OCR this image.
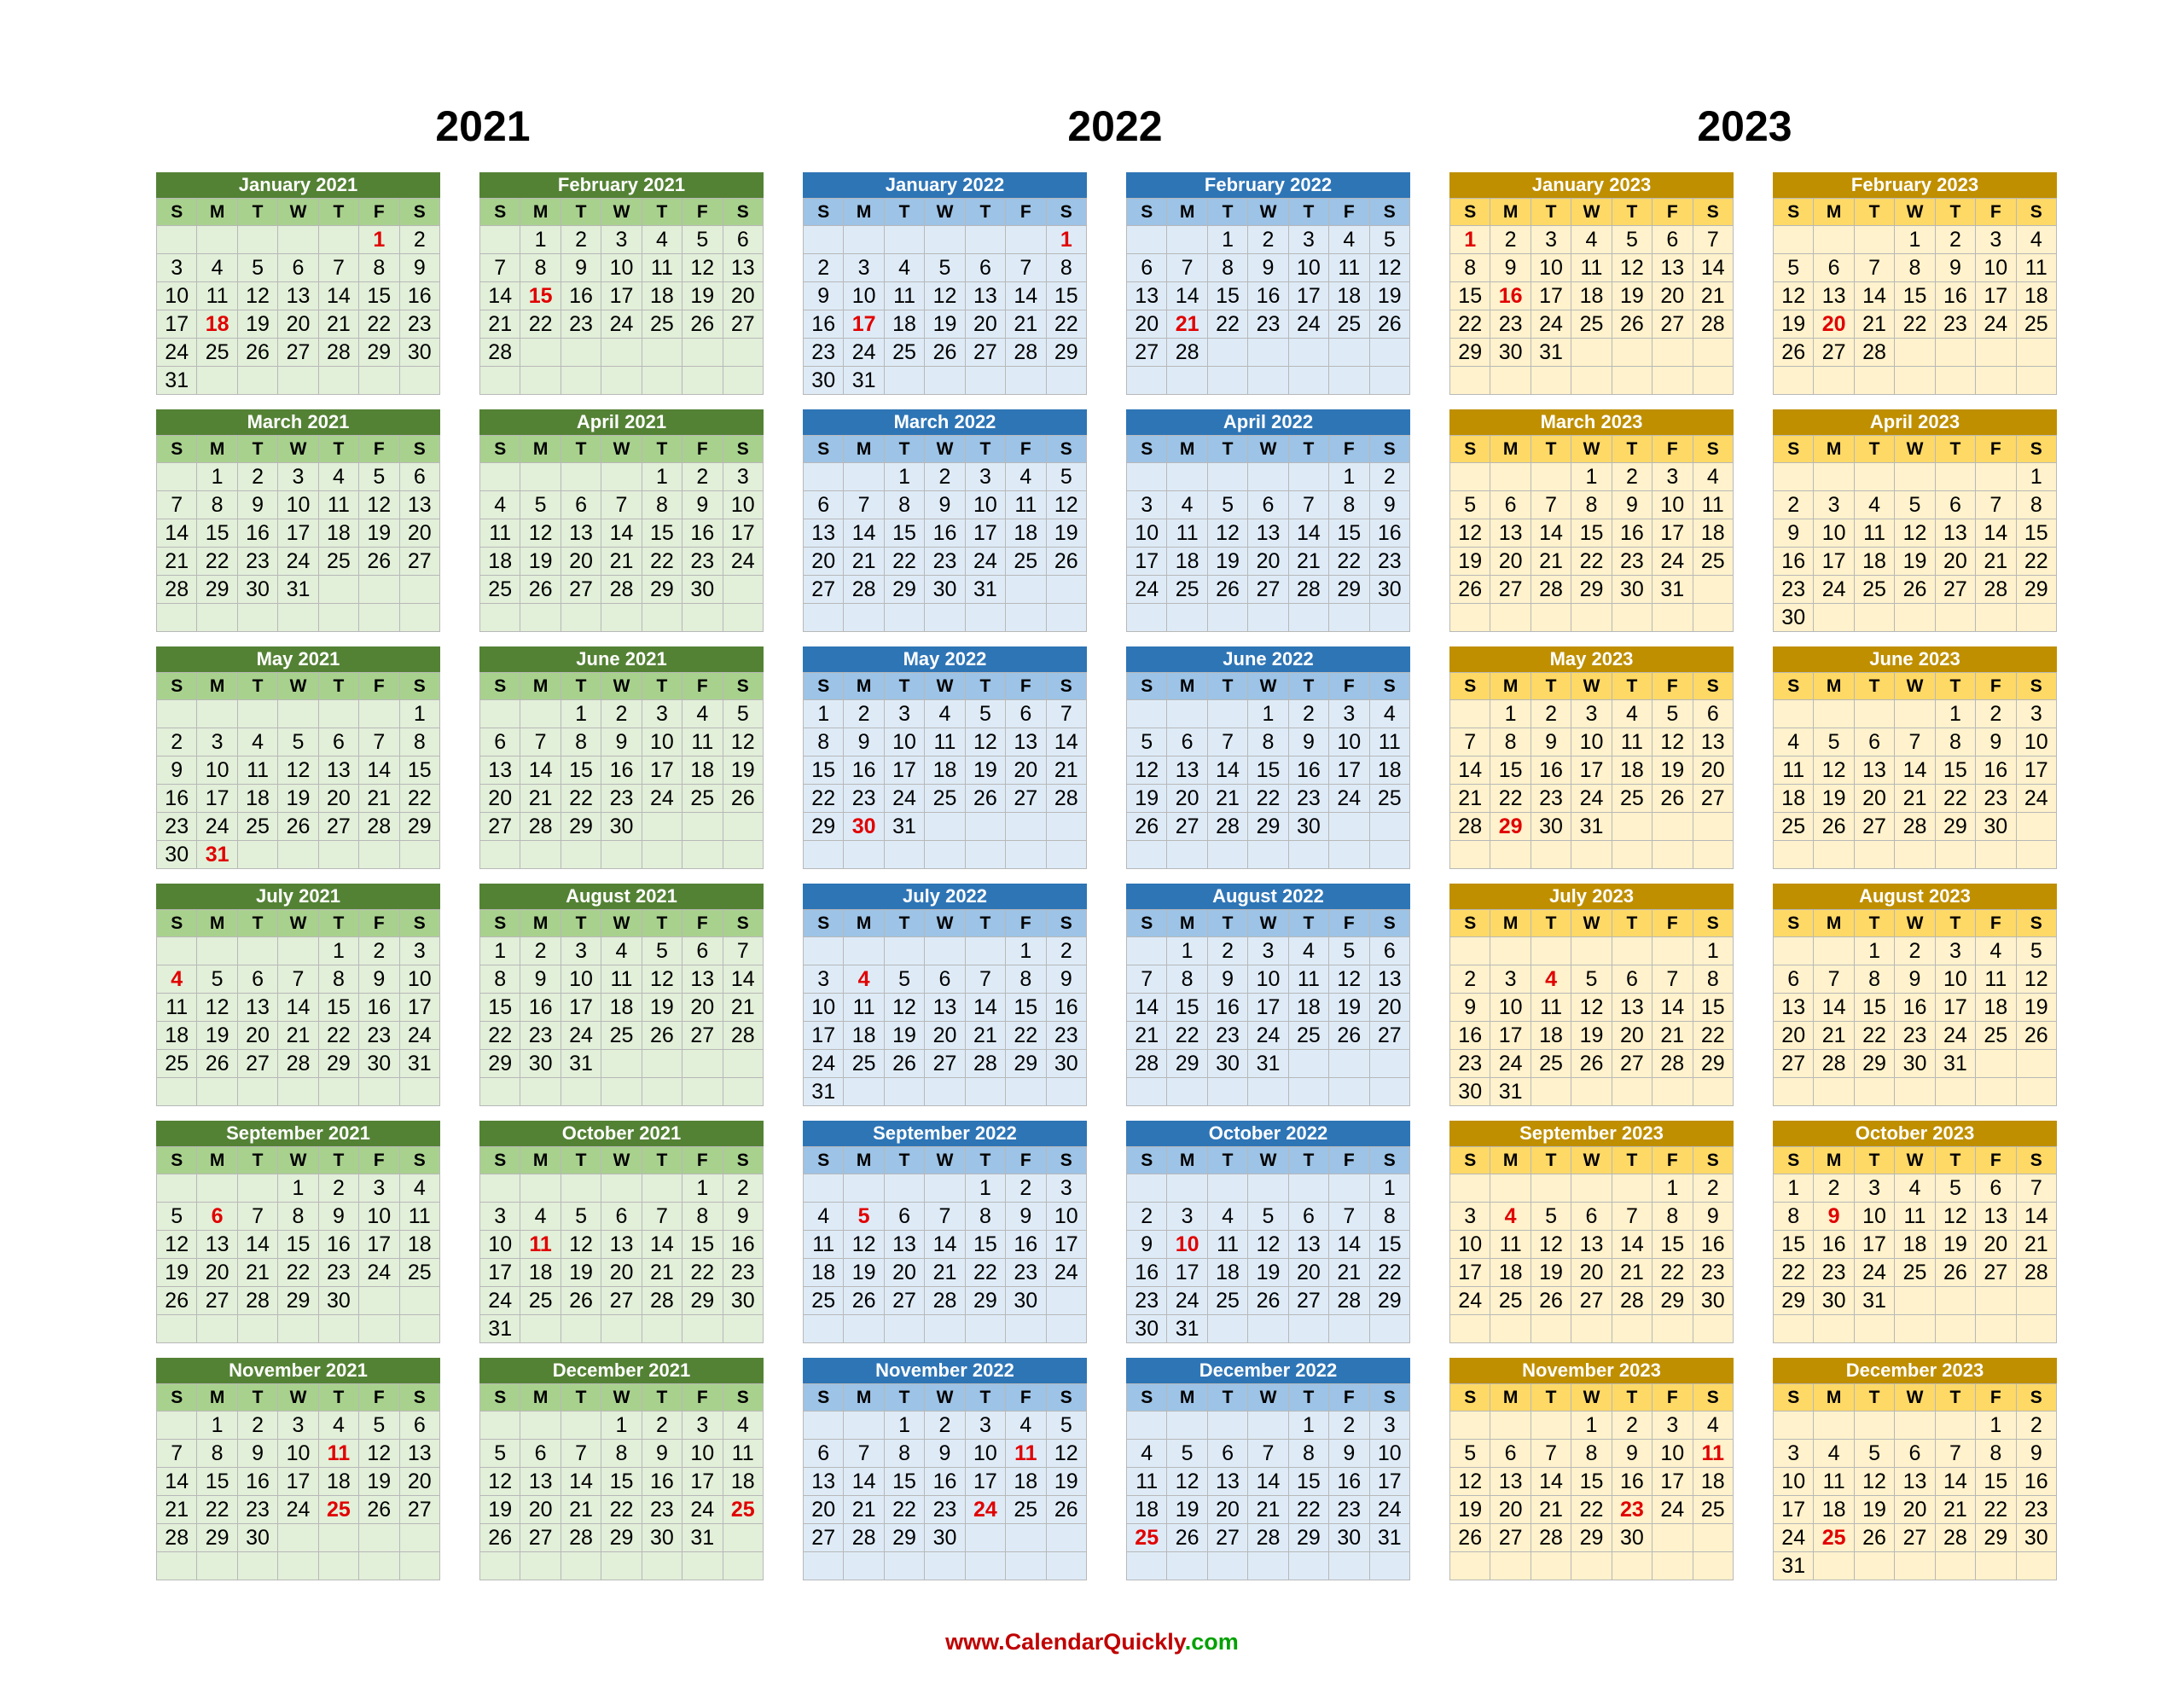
2021	2022	2023
January 2021
S	M	T	W	T	F	S
					1	2
3	4	5	6	7	8	9
10	11	12	13	14	15	16
17	18	19	20	21	22	23
24	25	26	27	28	29	30
31						
February 2021
S	M	T	W	T	F	S
	1	2	3	4	5	6
7	8	9	10	11	12	13
14	15	16	17	18	19	20
21	22	23	24	25	26	27
28						

March 2021
S	M	T	W	T	F	S
	1	2	3	4	5	6
7	8	9	10	11	12	13
14	15	16	17	18	19	20
21	22	23	24	25	26	27
28	29	30	31			

April 2021
S	M	T	W	T	F	S
				1	2	3
4	5	6	7	8	9	10
11	12	13	14	15	16	17
18	19	20	21	22	23	24
25	26	27	28	29	30	

May 2021
S	M	T	W	T	F	S
						1
2	3	4	5	6	7	8
9	10	11	12	13	14	15
16	17	18	19	20	21	22
23	24	25	26	27	28	29
30	31					
June 2021
S	M	T	W	T	F	S
		1	2	3	4	5
6	7	8	9	10	11	12
13	14	15	16	17	18	19
20	21	22	23	24	25	26
27	28	29	30			

July 2021
S	M	T	W	T	F	S
				1	2	3
4	5	6	7	8	9	10
11	12	13	14	15	16	17
18	19	20	21	22	23	24
25	26	27	28	29	30	31

August 2021
S	M	T	W	T	F	S
1	2	3	4	5	6	7
8	9	10	11	12	13	14
15	16	17	18	19	20	21
22	23	24	25	26	27	28
29	30	31				

September 2021
S	M	T	W	T	F	S
			1	2	3	4
5	6	7	8	9	10	11
12	13	14	15	16	17	18
19	20	21	22	23	24	25
26	27	28	29	30		

October 2021
S	M	T	W	T	F	S
					1	2
3	4	5	6	7	8	9
10	11	12	13	14	15	16
17	18	19	20	21	22	23
24	25	26	27	28	29	30
31						
November 2021
S	M	T	W	T	F	S
	1	2	3	4	5	6
7	8	9	10	11	12	13
14	15	16	17	18	19	20
21	22	23	24	25	26	27
28	29	30				

December 2021
S	M	T	W	T	F	S
			1	2	3	4
5	6	7	8	9	10	11
12	13	14	15	16	17	18
19	20	21	22	23	24	25
26	27	28	29	30	31	

January 2022
S	M	T	W	T	F	S
						1
2	3	4	5	6	7	8
9	10	11	12	13	14	15
16	17	18	19	20	21	22
23	24	25	26	27	28	29
30	31					
February 2022
S	M	T	W	T	F	S
		1	2	3	4	5
6	7	8	9	10	11	12
13	14	15	16	17	18	19
20	21	22	23	24	25	26
27	28					

March 2022
S	M	T	W	T	F	S
		1	2	3	4	5
6	7	8	9	10	11	12
13	14	15	16	17	18	19
20	21	22	23	24	25	26
27	28	29	30	31		

April 2022
S	M	T	W	T	F	S
					1	2
3	4	5	6	7	8	9
10	11	12	13	14	15	16
17	18	19	20	21	22	23
24	25	26	27	28	29	30

May 2022
S	M	T	W	T	F	S
1	2	3	4	5	6	7
8	9	10	11	12	13	14
15	16	17	18	19	20	21
22	23	24	25	26	27	28
29	30	31				

June 2022
S	M	T	W	T	F	S
			1	2	3	4
5	6	7	8	9	10	11
12	13	14	15	16	17	18
19	20	21	22	23	24	25
26	27	28	29	30		

July 2022
S	M	T	W	T	F	S
					1	2
3	4	5	6	7	8	9
10	11	12	13	14	15	16
17	18	19	20	21	22	23
24	25	26	27	28	29	30
31						
August 2022
S	M	T	W	T	F	S
	1	2	3	4	5	6
7	8	9	10	11	12	13
14	15	16	17	18	19	20
21	22	23	24	25	26	27
28	29	30	31			

September 2022
S	M	T	W	T	F	S
				1	2	3
4	5	6	7	8	9	10
11	12	13	14	15	16	17
18	19	20	21	22	23	24
25	26	27	28	29	30	

October 2022
S	M	T	W	T	F	S
						1
2	3	4	5	6	7	8
9	10	11	12	13	14	15
16	17	18	19	20	21	22
23	24	25	26	27	28	29
30	31					
November 2022
S	M	T	W	T	F	S
		1	2	3	4	5
6	7	8	9	10	11	12
13	14	15	16	17	18	19
20	21	22	23	24	25	26
27	28	29	30			

December 2022
S	M	T	W	T	F	S
				1	2	3
4	5	6	7	8	9	10
11	12	13	14	15	16	17
18	19	20	21	22	23	24
25	26	27	28	29	30	31

January 2023
S	M	T	W	T	F	S
1	2	3	4	5	6	7
8	9	10	11	12	13	14
15	16	17	18	19	20	21
22	23	24	25	26	27	28
29	30	31				

February 2023
S	M	T	W	T	F	S
			1	2	3	4
5	6	7	8	9	10	11
12	13	14	15	16	17	18
19	20	21	22	23	24	25
26	27	28				

March 2023
S	M	T	W	T	F	S
			1	2	3	4
5	6	7	8	9	10	11
12	13	14	15	16	17	18
19	20	21	22	23	24	25
26	27	28	29	30	31	

April 2023
S	M	T	W	T	F	S
						1
2	3	4	5	6	7	8
9	10	11	12	13	14	15
16	17	18	19	20	21	22
23	24	25	26	27	28	29
30						
May 2023
S	M	T	W	T	F	S
	1	2	3	4	5	6
7	8	9	10	11	12	13
14	15	16	17	18	19	20
21	22	23	24	25	26	27
28	29	30	31			

June 2023
S	M	T	W	T	F	S
				1	2	3
4	5	6	7	8	9	10
11	12	13	14	15	16	17
18	19	20	21	22	23	24
25	26	27	28	29	30	

July 2023
S	M	T	W	T	F	S
						1
2	3	4	5	6	7	8
9	10	11	12	13	14	15
16	17	18	19	20	21	22
23	24	25	26	27	28	29
30	31					
August 2023
S	M	T	W	T	F	S
		1	2	3	4	5
6	7	8	9	10	11	12
13	14	15	16	17	18	19
20	21	22	23	24	25	26
27	28	29	30	31		

September 2023
S	M	T	W	T	F	S
					1	2
3	4	5	6	7	8	9
10	11	12	13	14	15	16
17	18	19	20	21	22	23
24	25	26	27	28	29	30

October 2023
S	M	T	W	T	F	S
1	2	3	4	5	6	7
8	9	10	11	12	13	14
15	16	17	18	19	20	21
22	23	24	25	26	27	28
29	30	31				

November 2023
S	M	T	W	T	F	S
			1	2	3	4
5	6	7	8	9	10	11
12	13	14	15	16	17	18
19	20	21	22	23	24	25
26	27	28	29	30		

December 2023
S	M	T	W	T	F	S
					1	2
3	4	5	6	7	8	9
10	11	12	13	14	15	16
17	18	19	20	21	22	23
24	25	26	27	28	29	30
31						
www.CalendarQuickly.com
